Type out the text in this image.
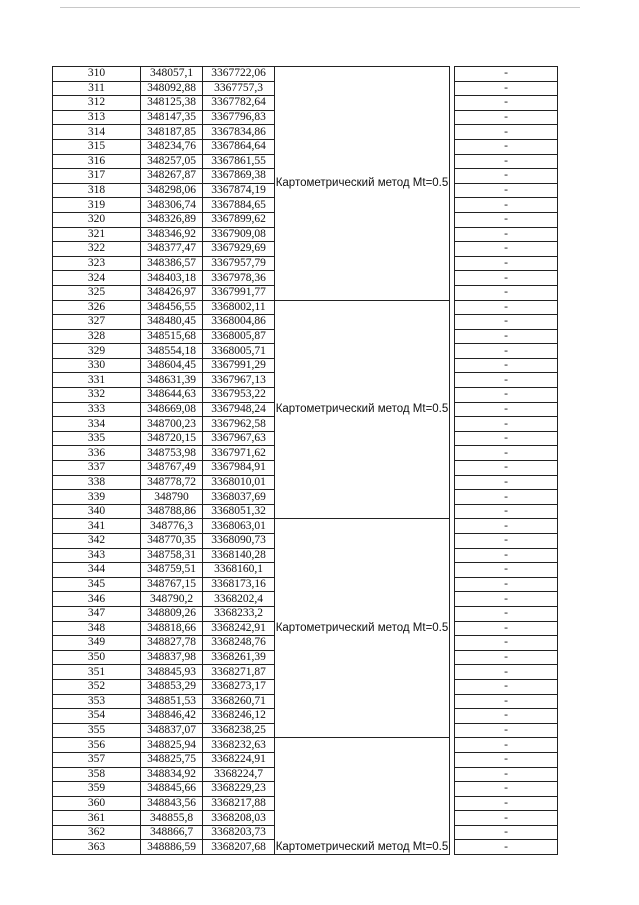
310	348057,1	3367722,06	Картометрический метод Mt=0.5		-
311	348092,88	3367757,3			-
312	348125,38	3367782,64			-
313	348147,35	3367796,83			-
314	348187,85	3367834,86			-
315	348234,76	3367864,64			-
316	348257,05	3367861,55			-
317	348267,87	3367869,38			-
318	348298,06	3367874,19			-
319	348306,74	3367884,65			-
320	348326,89	3367899,62			-
321	348346,92	3367909,08			-
322	348377,47	3367929,69			-
323	348386,57	3367957,79			-
324	348403,18	3367978,36			-
325	348426,97	3367991,77			-
326	348456,55	3368002,11	Картометрический метод Mt=0.5		-
327	348480,45	3368004,86			-
328	348515,68	3368005,87			-
329	348554,18	3368005,71			-
330	348604,45	3367991,29			-
331	348631,39	3367967,13			-
332	348644,63	3367953,22			-
333	348669,08	3367948,24			-
334	348700,23	3367962,58			-
335	348720,15	3367967,63			-
336	348753,98	3367971,62			-
337	348767,49	3367984,91			-
338	348778,72	3368010,01			-
339	348790	3368037,69			-
340	348788,86	3368051,32			-
341	348776,3	3368063,01	Картометрический метод Mt=0.5		-
342	348770,35	3368090,73			-
343	348758,31	3368140,28			-
344	348759,51	3368160,1			-
345	348767,15	3368173,16			-
346	348790,2	3368202,4			-
347	348809,26	3368233,2			-
348	348818,66	3368242,91			-
349	348827,78	3368248,76			-
350	348837,98	3368261,39			-
351	348845,93	3368271,87			-
352	348853,29	3368273,17			-
353	348851,53	3368260,71			-
354	348846,42	3368246,12			-
355	348837,07	3368238,25			-
356	348825,94	3368232,63	Картометрический метод Mt=0.5		-
357	348825,75	3368224,91			-
358	348834,92	3368224,7			-
359	348845,66	3368229,23			-
360	348843,56	3368217,88			-
361	348855,8	3368208,03			-
362	348866,7	3368203,73			-
363	348886,59	3368207,68			-
